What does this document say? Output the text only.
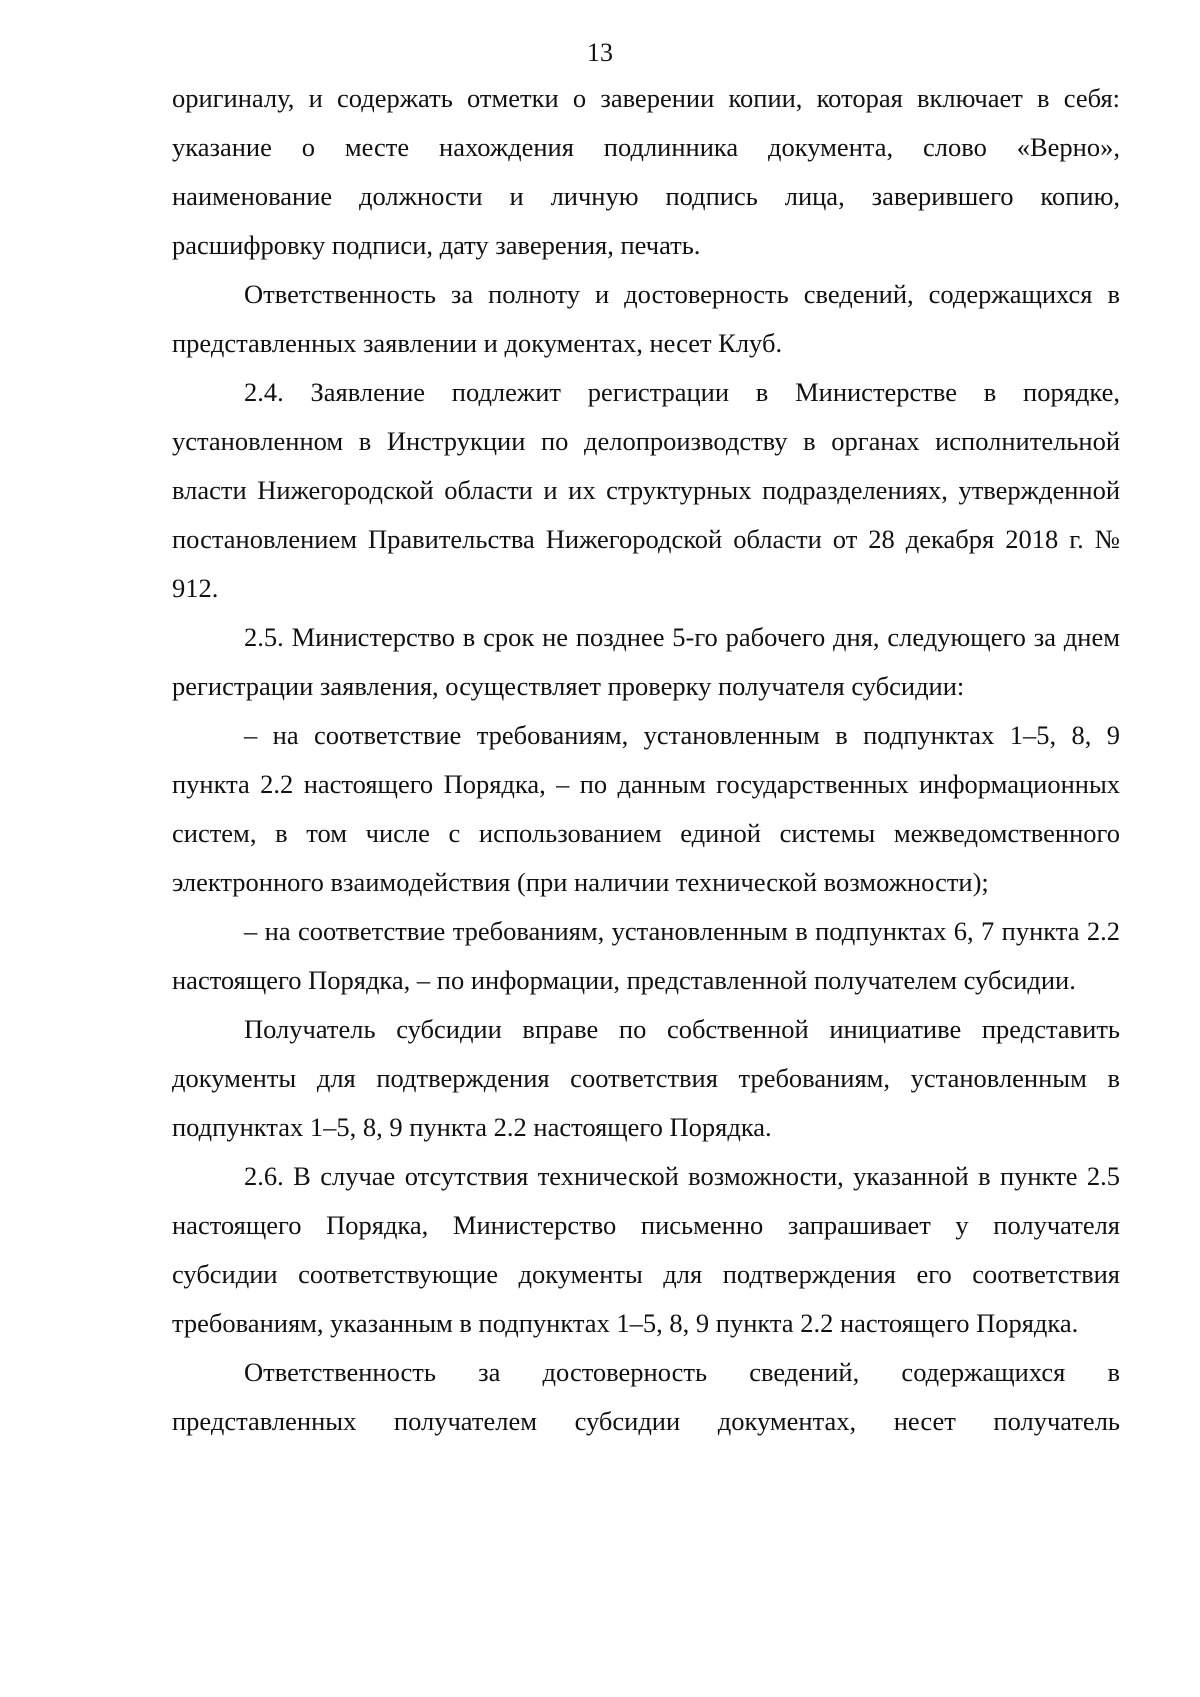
13

оригиналу, и содержать отметки о заверении копии, которая включает в себя: указание о месте нахождения подлинника документа, слово «Верно», наименование должности и личную подпись лица, заверившего копию, расшифровку подписи, дату заверения, печать.

Ответственность за полноту и достоверность сведений, содержащихся в представленных заявлении и документах, несет Клуб.

2.4. Заявление подлежит регистрации в Министерстве в порядке, установленном в Инструкции по делопроизводству в органах исполнительной власти Нижегородской области и их структурных подразделениях, утвержденной постановлением Правительства Нижегородской области от 28 декабря 2018 г. № 912.

2.5. Министерство в срок не позднее 5-го рабочего дня, следующего за днем регистрации заявления, осуществляет проверку получателя субсидии:

– на соответствие требованиям, установленным в подпунктах 1–5, 8, 9 пункта 2.2 настоящего Порядка, – по данным государственных информационных систем, в том числе с использованием единой системы межведомственного электронного взаимодействия (при наличии технической возможности);

– на соответствие требованиям, установленным в подпунктах 6, 7 пункта 2.2 настоящего Порядка, – по информации, представленной получателем субсидии.

Получатель субсидии вправе по собственной инициативе представить документы для подтверждения соответствия требованиям, установленным в подпунктах 1–5, 8, 9 пункта 2.2 настоящего Порядка.

2.6. В случае отсутствия технической возможности, указанной в пункте 2.5 настоящего Порядка, Министерство письменно запрашивает у получателя субсидии соответствующие документы для подтверждения его соответствия требованиям, указанным в подпунктах 1–5, 8, 9 пункта 2.2 настоящего Порядка.

Ответственность за достоверность сведений, содержащихся в представленных получателем субсидии документах, несет получатель
